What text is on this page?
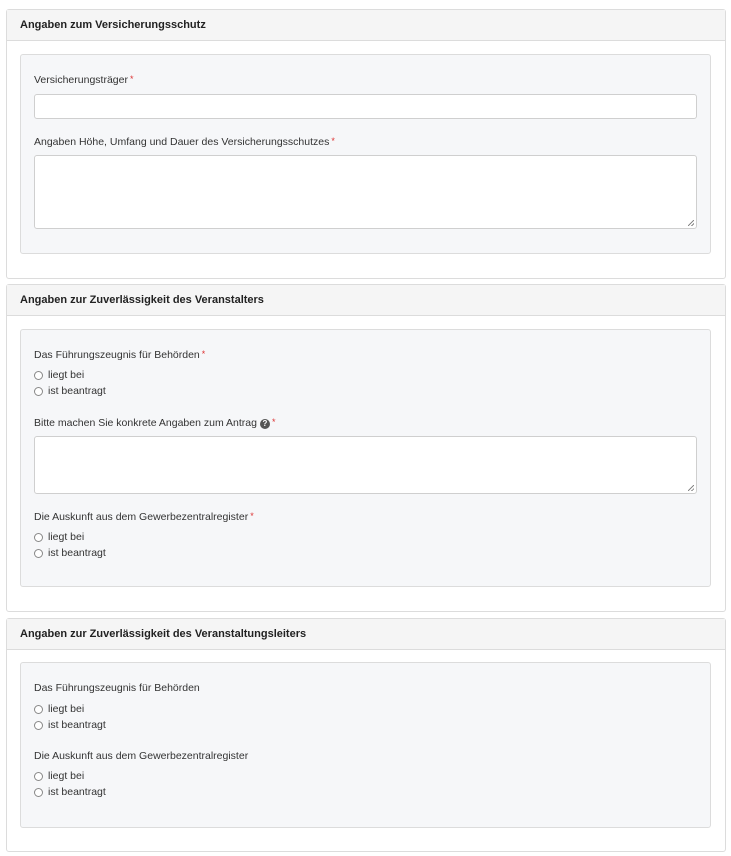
Angaben zum Versicherungsschutz
Versicherungsträger *
Angaben Höhe, Umfang und Dauer des Versicherungsschutzes *
Angaben zur Zuverlässigkeit des Veranstalters
Das Führungszeugnis für Behörden *
liegt bei
ist beantragt
Bitte machen Sie konkrete Angaben zum Antrag ? *
Die Auskunft aus dem Gewerbezentralregister *
liegt bei
ist beantragt
Angaben zur Zuverlässigkeit des Veranstaltungsleiters
Das Führungszeugnis für Behörden
liegt bei
ist beantragt
Die Auskunft aus dem Gewerbezentralregister
liegt bei
ist beantragt
